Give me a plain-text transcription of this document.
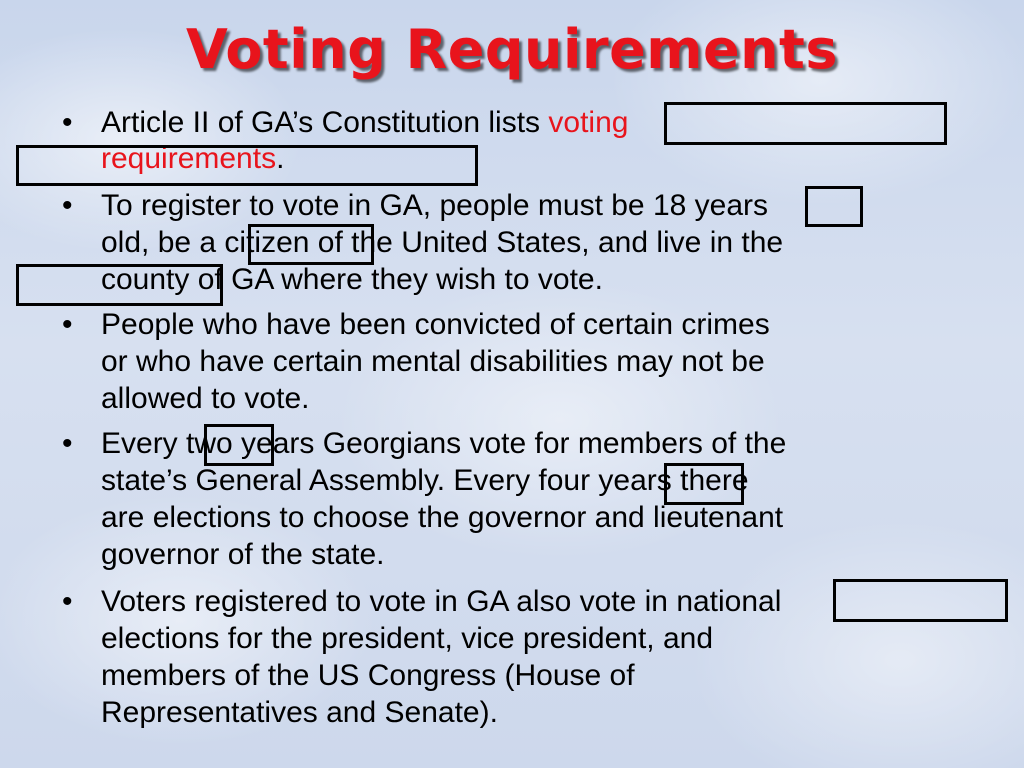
Voting Requirements
• Article II of GA’s Constitution lists voting
requirements.
• To register to vote in GA, people must be 18 years
old, be a citizen of the United States, and live in the
county of GA where they wish to vote.
• People who have been convicted of certain crimes
or who have certain mental disabilities may not be
allowed to vote.
• Every two years Georgians vote for members of the
state’s General Assembly. Every four years there
are elections to choose the governor and lieutenant
governor of the state.
• Voters registered to vote in GA also vote in national
elections for the president, vice president, and
members of the US Congress (House of
Representatives and Senate).
